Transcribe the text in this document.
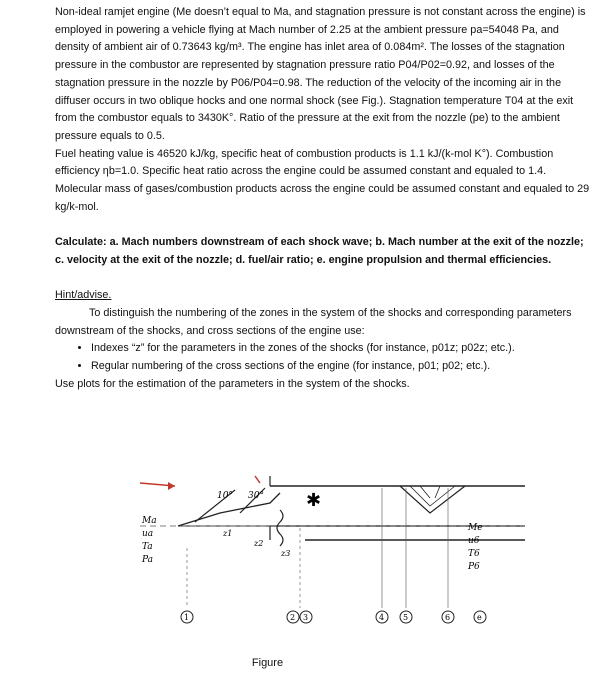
Non-ideal ramjet engine (Me doesn’t equal to Ma, and stagnation pressure is not constant across the engine) is employed in powering a vehicle flying at Mach number of 2.25 at the ambient pressure pa=54048 Pa, and density of ambient air of 0.73643 kg/m³. The engine has inlet area of 0.084m². The losses of the stagnation pressure in the combustor are represented by stagnation pressure ratio P04/P02=0.92, and losses of the stagnation pressure in the nozzle by P06/P04=0.98. The reduction of the velocity of the incoming air in the diffuser occurs in two oblique hocks and one normal shock (see Fig.). Stagnation temperature T04 at the exit from the combustor equals to 3430K°. Ratio of the pressure at the exit from the nozzle (pe) to the ambient pressure equals to 0.5.

Fuel heating value is 46520 kJ/kg, specific heat of combustion products is 1.1 kJ/(k-mol K°). Combustion efficiency ηb=1.0. Specific heat ratio across the engine could be assumed constant and equaled to 1.4. Molecular mass of gases/combustion products across the engine could be assumed constant and equaled to 29 kg/k-mol.

Calculate: a. Mach numbers downstream of each shock wave; b. Mach number at the exit of the nozzle; c. velocity at the exit of the nozzle; d. fuel/air ratio; e. engine propulsion and thermal efficiencies.

Hint/advise.

To distinguish the numbering of the zones in the system of the shocks and corresponding parameters downstream of the shocks, and cross sections of the engine use:

• Indexes “z” for the parameters in the zones of the shocks (for instance, p01z; p02z; etc.).
• Regular numbering of the cross sections of the engine (for instance, p01; p02; etc.).

Use plots for the estimation of the parameters in the system of the shocks.

✱
10° 30°
z1
z2
z3
Ma
ua
Ta
Pa
Me
u6
T6
P6
1	2 3	4 5	6	e
Figure
